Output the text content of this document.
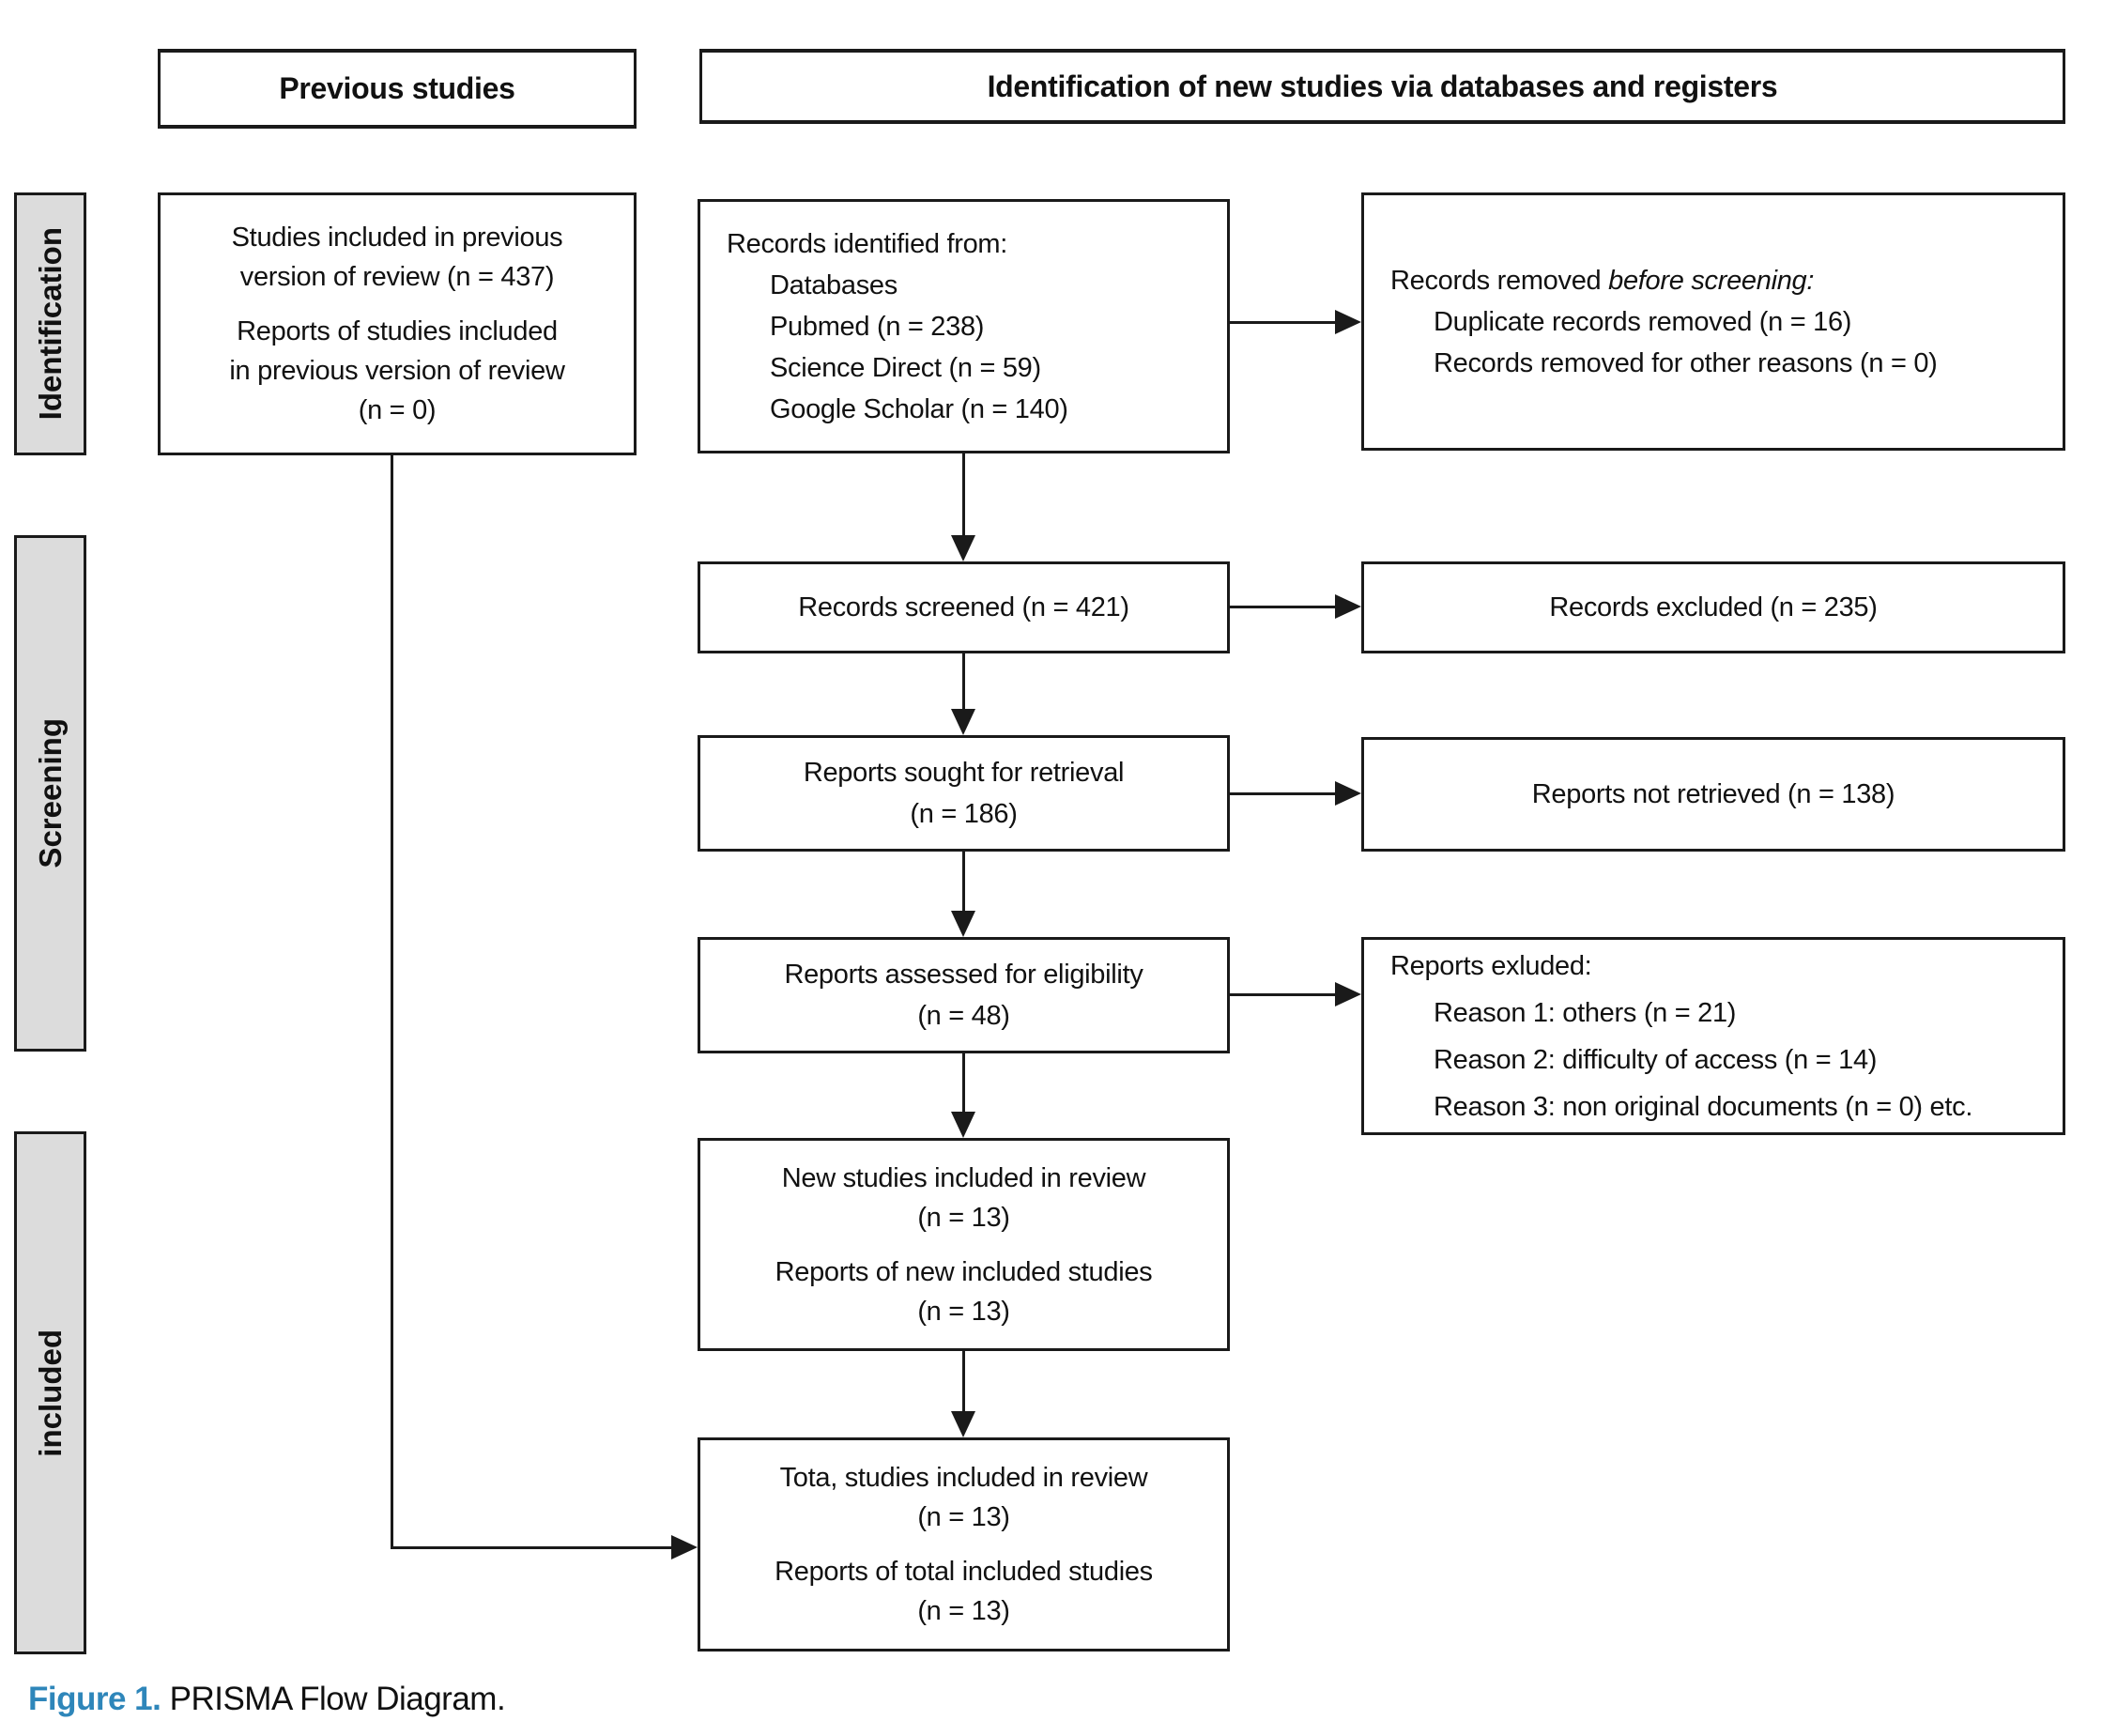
Previous studies	Identification of new studies via databases and registers
Identification
Screening
included
Studies included in previous
version of review (n = 437)
Reports of studies included
in previous version of review
(n = 0)
Records identified from:
Databases
Pubmed (n = 238)
Science Direct (n = 59)
Google Scholar (n = 140)
Records screened (n = 421)
Reports sought for retrieval
(n = 186)
Reports assessed for eligibility
(n = 48)
New studies included in review
(n = 13)
Reports of new included studies
(n = 13)
Tota, studies included in review
(n = 13)
Reports of total included studies
(n = 13)
Records removed before screening:
Duplicate records removed (n = 16)
Records removed for other reasons (n = 0)
Records excluded (n = 235)
Reports not retrieved (n = 138)
Reports exluded:
Reason 1: others (n = 21)
Reason 2: difficulty of access (n = 14)
Reason 3: non original documents (n = 0) etc.
Figure 1. PRISMA Flow Diagram.
